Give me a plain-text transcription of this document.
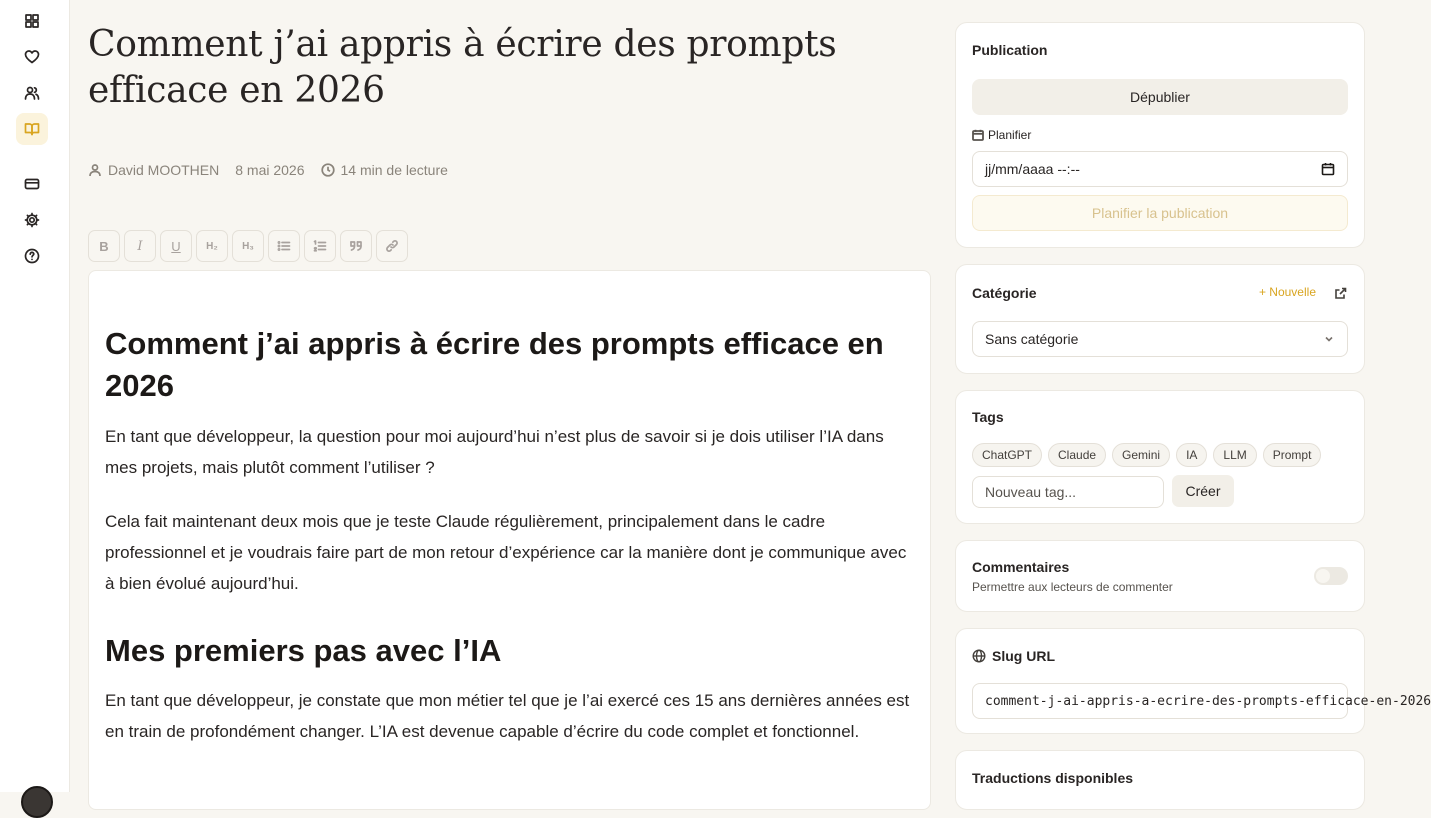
Comment j’ai appris à écrire des prompts efficace en 2026
David MOOTHEN 8 mai 2026	14 min de lecture
B I U	H₂ H₃
Comment j’ai appris à écrire des prompts efficace en 2026

En tant que développeur, la question pour moi aujourd’hui n’est plus de savoir si je dois utiliser l’IA dans mes projets, mais plutôt comment l’utiliser ?

Cela fait maintenant deux mois que je teste Claude régulièrement, principalement dans le cadre professionnel et je voudrais faire part de mon retour d’expérience car la manière dont je communique avec à bien évolué aujourd’hui.

Mes premiers pas avec l’IA

En tant que développeur, je constate que mon métier tel que je l’ai exercé ces 15 ans dernières années est en train de profondément changer. L’IA est devenue capable d’écrire du code complet et fonctionnel.

Publication
Dépublier
Planifier
jj/mm/aaaa --:--
Planifier la publication
Catégorie	+ Nouvelle
Sans catégorie
Tags
ChatGPT	Claude	Gemini	IA	LLM	Prompt
Nouveau tag...	Créer
Commentaires
Permettre aux lecteurs de commenter
Slug URL
comment-j-ai-appris-a-ecrire-des-prompts-efficace-en-2026
Traductions disponibles
